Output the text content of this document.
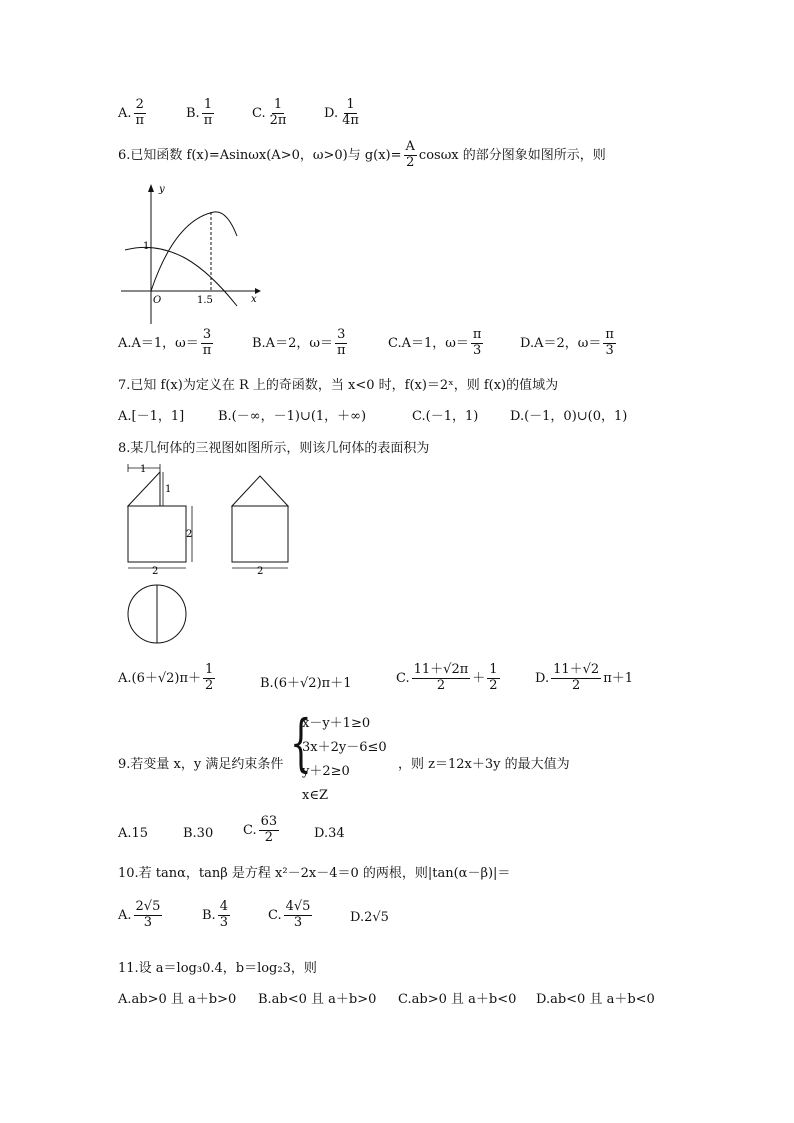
A. $\frac{2}{\pi}$	B. $\frac{1}{\pi}$	C. $\frac{1}{2\pi}$	D. $\frac{1}{4\pi}$
6.已知函数 f(x)=Asinωx(A>0，ω>0)与 $g(x)= \frac{A}{2}$ cosωx 的部分图象如图所示，则
y
x
O
1
1.5
A.A＝1，$\omega= \frac{3}{\pi}$	B.A＝2，$\omega= \frac{3}{\pi}$	C.A＝1，$\omega= \frac{\pi}{3}$	D.A＝2，$\omega= \frac{\pi}{3}$
7.已知 f(x)为定义在 R 上的奇函数，当 x<0 时，f(x)＝2ˣ，则 f(x)的值域为
A.[－1，1]	B.(－∞，－1)∪(1，＋∞)	C.(－1，1) D.(－1，0)∪(0，1)
8.某几何体的三视图如图所示，则该几何体的表面积为
1
1
2
2	2
$A.(6+√2)\pi+ \frac{1}{2}$	B.(6＋√2)π＋1	C. $\frac{11+√2\pi}{2} + \frac{1}{2}$	D. $\frac{11+√2}{2} \pi+1$
9.若变量 x，y 满足约束条件 {
x－y＋1≥0
3x＋2y－6≤0
y＋2≥0
x∈Z
，则 z＝12x＋3y 的最大值为
A.15	B.30 C. $\frac{63}{2}$	D.34
10.若 tanα，tanβ 是方程 x²－2x－4＝0 的两根，则|tan(α－β)|＝
A. $\frac{2√5}{3}$	B. $\frac{4}{3}$	C. $\frac{4√5}{3}$	D.2√5
11.设 a＝log₃0.4，b＝log₂3，则
A.ab>0 且 a＋b>0 B.ab<0 且 a＋b>0 C.ab>0 且 a＋b<0 D.ab<0 且 a＋b<0
